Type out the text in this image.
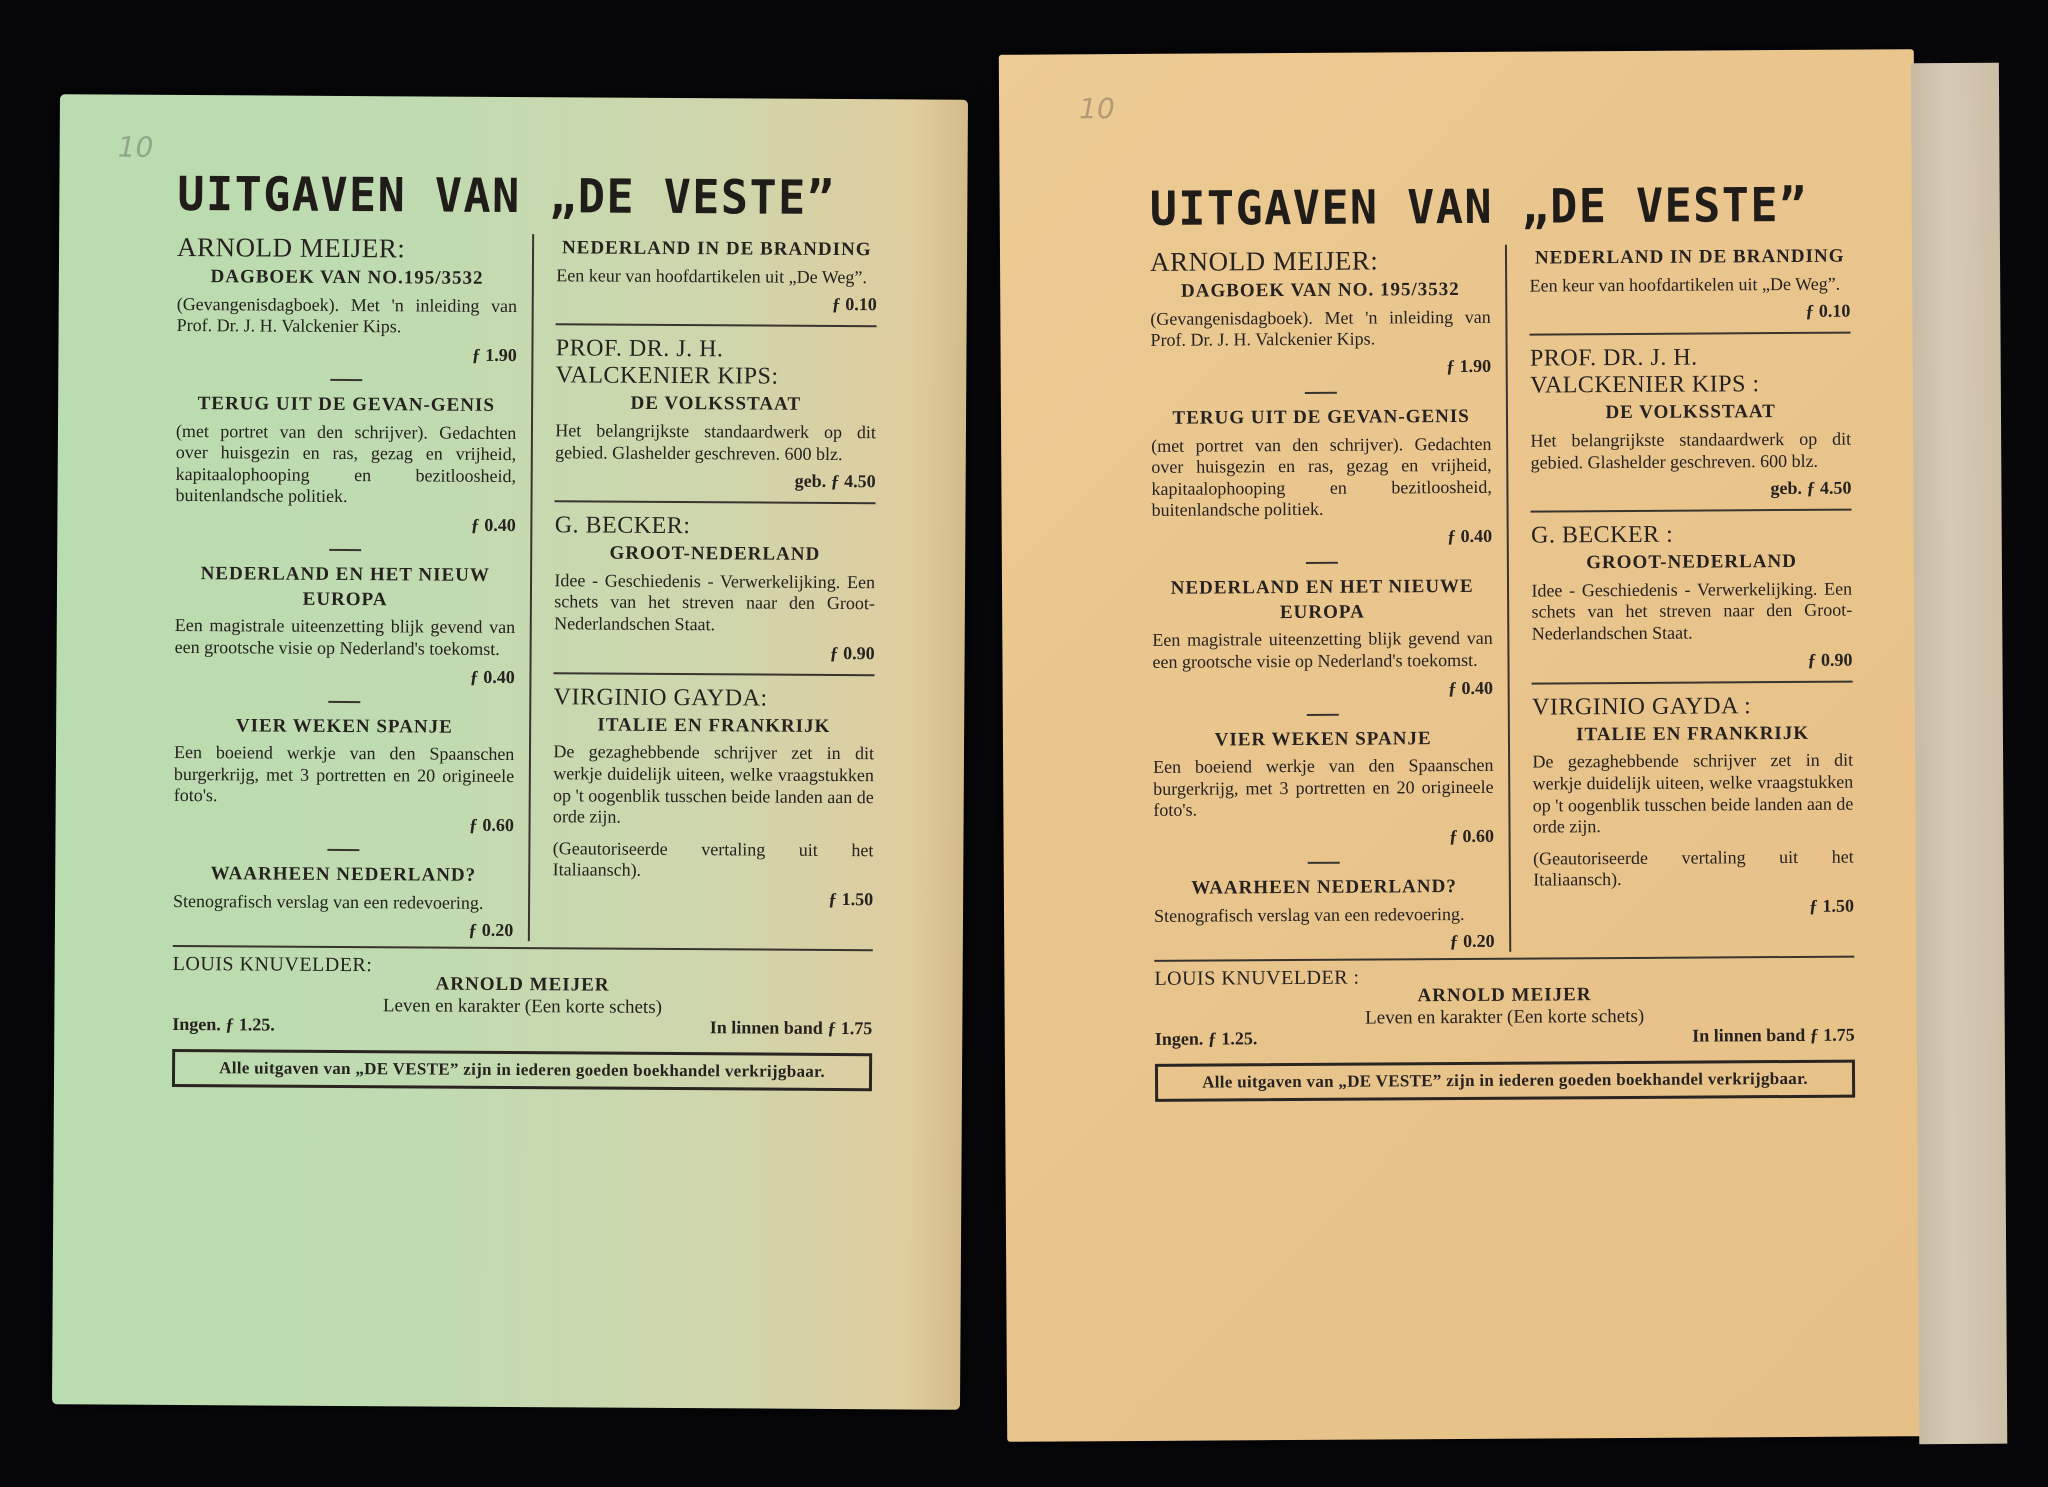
10
UITGAVEN VAN „DE VESTE”

ARNOLD MEIJER:

DAGBOEK VAN NO.195/3532

(Gevangenisdagboek). Met 'n inleiding van Prof. Dr. J. H. Valckenier Kips.

ƒ 1.90

TERUG UIT DE GEVAN-GENIS

(met portret van den schrijver). Gedachten over huisgezin en ras, gezag en vrijheid, kapitaalophooping en bezitloosheid, buitenlandsche politiek.

ƒ 0.40

NEDERLAND EN HET NIEUW EUROPA

Een magistrale uiteenzetting blijk gevend van een grootsche visie op Nederland's toekomst.

ƒ 0.40

VIER WEKEN SPANJE

Een boeiend werkje van den Spaanschen burgerkrijg, met 3 portretten en 20 origineele foto's.

ƒ 0.60

WAARHEEN NEDERLAND?

Stenografisch verslag van een redevoering.

ƒ 0.20

NEDERLAND IN DE BRANDING

Een keur van hoofdartikelen uit „De Weg”.

ƒ 0.10

PROF. DR. J. H. VALCKENIER KIPS:

DE VOLKSSTAAT

Het belangrijkste standaardwerk op dit gebied. Glashelder geschreven. 600 blz.

geb. ƒ 4.50

G. BECKER:

GROOT-NEDERLAND

Idee - Geschiedenis - Verwerkelijking. Een schets van het streven naar den Groot-Nederlandschen Staat.

ƒ 0.90

VIRGINIO GAYDA:

ITALIE EN FRANKRIJK

De gezaghebbende schrijver zet in dit werkje duidelijk uiteen, welke vraagstukken op 't oogenblik tusschen beide landen aan de orde zijn.

(Geautoriseerde vertaling uit het Italiaansch).

ƒ 1.50

LOUIS KNUVELDER:

ARNOLD MEIJER
Leven en karakter (Een korte schets)
Ingen. ƒ 1.25.	In linnen band ƒ 1.75
Alle uitgaven van „DE VESTE” zijn in iederen goeden boekhandel verkrijgbaar.
10
UITGAVEN VAN „DE VESTE”

ARNOLD MEIJER:

DAGBOEK VAN NO. 195/3532

(Gevangenisdagboek). Met 'n inleiding van Prof. Dr. J. H. Valckenier Kips.

ƒ 1.90

TERUG UIT DE GEVAN-GENIS

(met portret van den schrijver). Gedachten over huisgezin en ras, gezag en vrijheid, kapitaalophooping en bezitloosheid, buitenlandsche politiek.

ƒ 0.40

NEDERLAND EN HET NIEUWE EUROPA

Een magistrale uiteenzetting blijk gevend van een grootsche visie op Nederland's toekomst.

ƒ 0.40

VIER WEKEN SPANJE

Een boeiend werkje van den Spaanschen burgerkrijg, met 3 portretten en 20 origineele foto's.

ƒ 0.60

WAARHEEN NEDERLAND?

Stenografisch verslag van een redevoering.

ƒ 0.20

NEDERLAND IN DE BRANDING

Een keur van hoofdartikelen uit „De Weg”.

ƒ 0.10

PROF. DR. J. H. VALCKENIER KIPS :

DE VOLKSSTAAT

Het belangrijkste standaardwerk op dit gebied. Glashelder geschreven. 600 blz.

geb. ƒ 4.50

G. BECKER :

GROOT-NEDERLAND

Idee - Geschiedenis - Verwerkelijking. Een schets van het streven naar den Groot-Nederlandschen Staat.

ƒ 0.90

VIRGINIO GAYDA :

ITALIE EN FRANKRIJK

De gezaghebbende schrijver zet in dit werkje duidelijk uiteen, welke vraagstukken op 't oogenblik tusschen beide landen aan de orde zijn.

(Geautoriseerde vertaling uit het Italiaansch).

ƒ 1.50

LOUIS KNUVELDER :

ARNOLD MEIJER
Leven en karakter (Een korte schets)
Ingen. ƒ 1.25.	In linnen band ƒ 1.75
Alle uitgaven van „DE VESTE” zijn in iederen goeden boekhandel verkrijgbaar.
